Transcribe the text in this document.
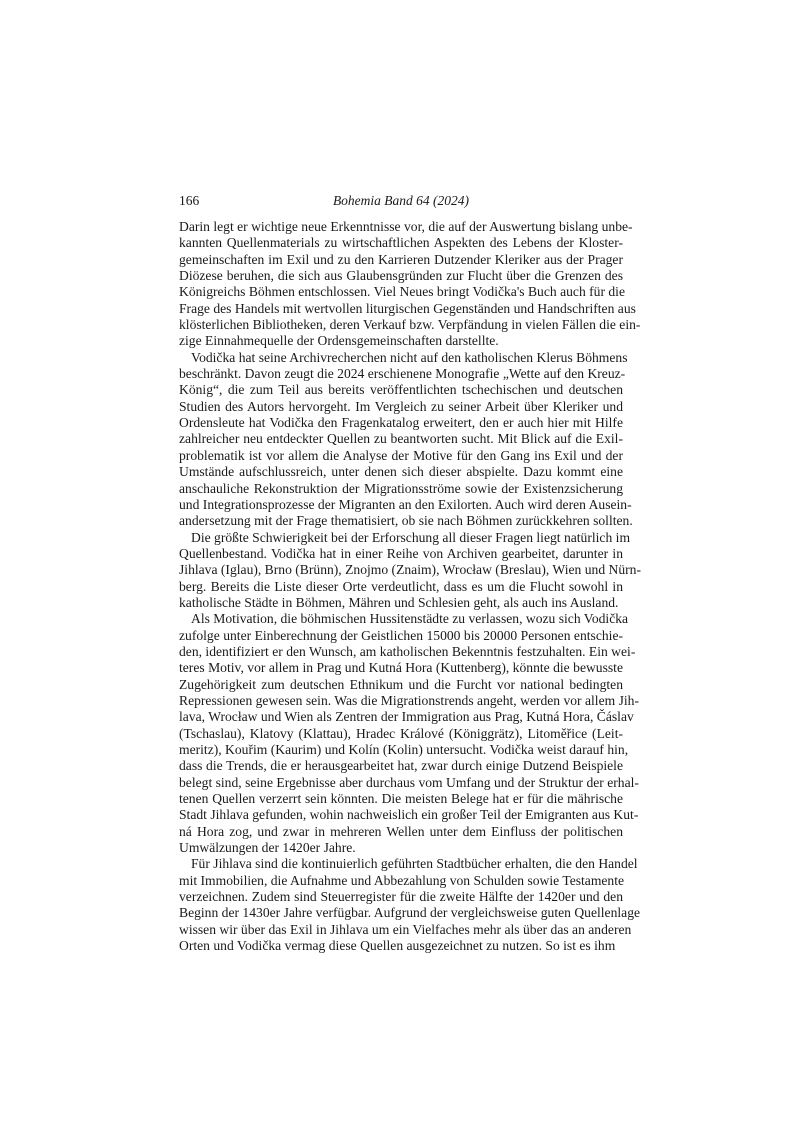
166	Bohemia Band 64 (2024)
Darin legt er wichtige neue Erkenntnisse vor, die auf der Auswertung bislang unbe-
kannten Quellenmaterials zu wirtschaftlichen Aspekten des Lebens der Kloster-
gemeinschaften im Exil und zu den Karrieren Dutzender Kleriker aus der Prager
Diözese beruhen, die sich aus Glaubensgründen zur Flucht über die Grenzen des
Königreichs Böhmen entschlossen. Viel Neues bringt Vodička's Buch auch für die
Frage des Handels mit wertvollen liturgischen Gegenständen und Handschriften aus
klösterlichen Bibliotheken, deren Verkauf bzw. Verpfändung in vielen Fällen die ein-
zige Einnahmequelle der Ordensgemeinschaften darstellte.
Vodička hat seine Archivrecherchen nicht auf den katholischen Klerus Böhmens
beschränkt. Davon zeugt die 2024 erschienene Monografie „Wette auf den Kreuz-
König“, die zum Teil aus bereits veröffentlichten tschechischen und deutschen
Studien des Autors hervorgeht. Im Vergleich zu seiner Arbeit über Kleriker und
Ordensleute hat Vodička den Fragenkatalog erweitert, den er auch hier mit Hilfe
zahlreicher neu entdeckter Quellen zu beantworten sucht. Mit Blick auf die Exil-
problematik ist vor allem die Analyse der Motive für den Gang ins Exil und der
Umstände aufschlussreich, unter denen sich dieser abspielte. Dazu kommt eine
anschauliche Rekonstruktion der Migrationsströme sowie der Existenzsicherung
und Integrationsprozesse der Migranten an den Exilorten. Auch wird deren Ausein-
andersetzung mit der Frage thematisiert, ob sie nach Böhmen zurückkehren sollten.
Die größte Schwierigkeit bei der Erforschung all dieser Fragen liegt natürlich im
Quellenbestand. Vodička hat in einer Reihe von Archiven gearbeitet, darunter in
Jihlava (Iglau), Brno (Brünn), Znojmo (Znaim), Wrocław (Breslau), Wien und Nürn-
berg. Bereits die Liste dieser Orte verdeutlicht, dass es um die Flucht sowohl in
katholische Städte in Böhmen, Mähren und Schlesien geht, als auch ins Ausland.
Als Motivation, die böhmischen Hussitenstädte zu verlassen, wozu sich Vodička
zufolge unter Einberechnung der Geistlichen 15000 bis 20000 Personen entschie-
den, identifiziert er den Wunsch, am katholischen Bekenntnis festzuhalten. Ein wei-
teres Motiv, vor allem in Prag und Kutná Hora (Kuttenberg), könnte die bewusste
Zugehörigkeit zum deutschen Ethnikum und die Furcht vor national bedingten
Repressionen gewesen sein. Was die Migrationstrends angeht, werden vor allem Jih-
lava, Wrocław und Wien als Zentren der Immigration aus Prag, Kutná Hora, Čáslav
(Tschaslau), Klatovy (Klattau), Hradec Králové (Königgrätz), Litoměřice (Leit-
meritz), Kouřim (Kaurim) und Kolín (Kolin) untersucht. Vodička weist darauf hin,
dass die Trends, die er herausgearbeitet hat, zwar durch einige Dutzend Beispiele
belegt sind, seine Ergebnisse aber durchaus vom Umfang und der Struktur der erhal-
tenen Quellen verzerrt sein könnten. Die meisten Belege hat er für die mährische
Stadt Jihlava gefunden, wohin nachweislich ein großer Teil der Emigranten aus Kut-
ná Hora zog, und zwar in mehreren Wellen unter dem Einfluss der politischen
Umwälzungen der 1420er Jahre.
Für Jihlava sind die kontinuierlich geführten Stadtbücher erhalten, die den Handel
mit Immobilien, die Aufnahme und Abbezahlung von Schulden sowie Testamente
verzeichnen. Zudem sind Steuerregister für die zweite Hälfte der 1420er und den
Beginn der 1430er Jahre verfügbar. Aufgrund der vergleichsweise guten Quellenlage
wissen wir über das Exil in Jihlava um ein Vielfaches mehr als über das an anderen
Orten und Vodička vermag diese Quellen ausgezeichnet zu nutzen. So ist es ihm
